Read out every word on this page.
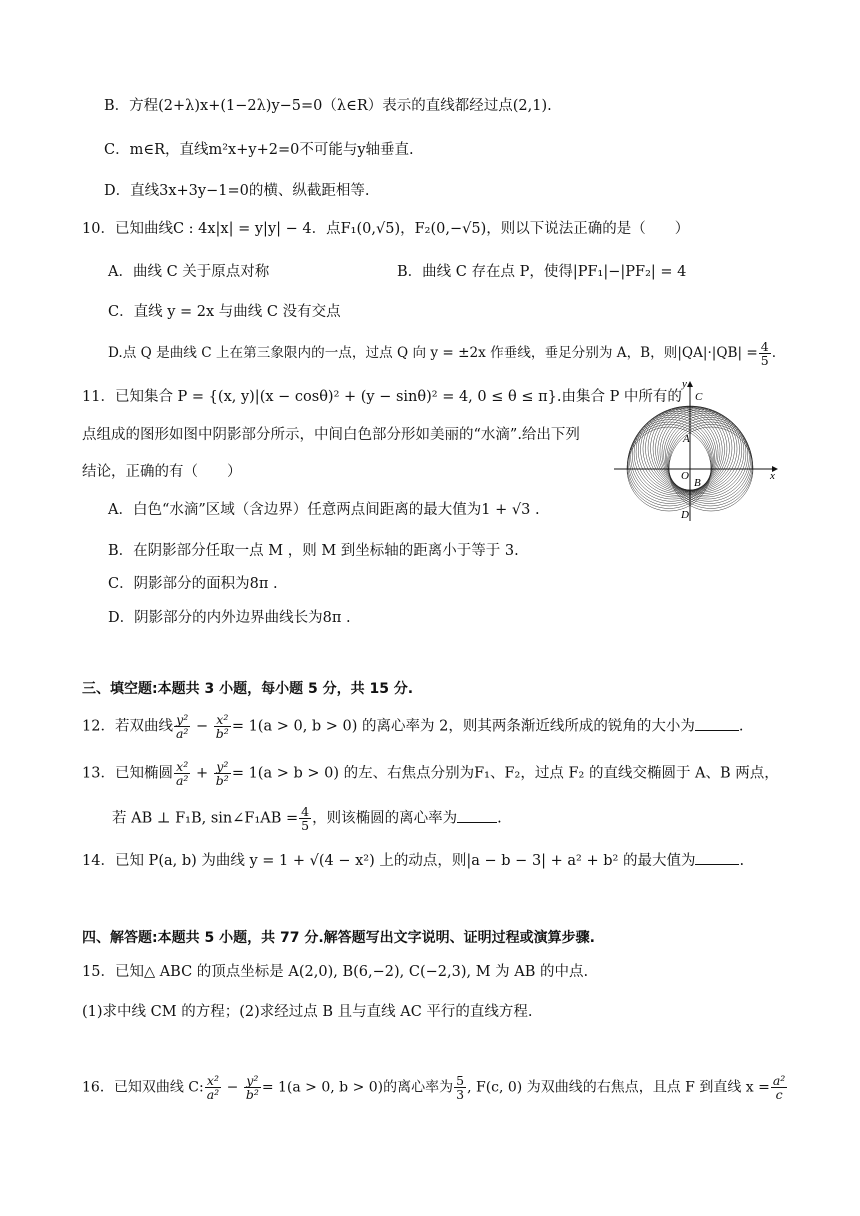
B．方程(2+λ)x+(1−2λ)y−5=0（λ∈R）表示的直线都经过点(2,1).
C．m∈R，直线m²x+y+2=0不可能与y轴垂直.
D．直线3x+3y−1=0的横、纵截距相等.
10．已知曲线C : 4x|x| = y|y| − 4．点F₁(0,√5)，F₂(0,−√5)，则以下说法正确的是（　　）
A．曲线 C 关于原点对称	B．曲线 C 存在点 P，使得|PF₁|−|PF₂| = 4
C．直线 y = 2x 与曲线 C 没有交点
D.点 Q 是曲线 C 上在第三象限内的一点，过点 Q 向 y = ±2x 作垂线，垂足分别为 A，B，则$|QA|\cdot|QB| = \frac{4}{5}$ .
11．已知集合 P = {(x, y)|(x − cosθ)² + (y − sinθ)² = 4, 0 ≤ θ ≤ π}.由集合 P 中所有的
点组成的图形如图中阴影部分所示，中间白色部分形如美丽的“水滴”.给出下列
结论，正确的有（　　）
A．白色“水滴”区域（含边界）任意两点间距离的最大值为1 + √3 .
B．在阴影部分任取一点 M ，则 M 到坐标轴的距离小于等于 3.
C．阴影部分的面积为8π .
D．阴影部分的内外边界曲线长为8π .
y
x
C
A
O
B
D
三、填空题:本题共 3 小题，每小题 5 分，共 15 分.
12．若双曲线 $\frac{\text{y²}}{\text{a²}} - \frac{\text{x²}}{\text{b²}} = 1(a > 0$, b > 0) 的离心率为 2，则其两条渐近线所成的锐角的大小为	.
13．已知椭圆 $\frac{\text{x²}}{\text{a²}} + \frac{\text{y²}}{\text{b²}} = 1(a > b > 0)$ 的左、右焦点分别为F₁、F₂，过点 F₂ 的直线交椭圆于 A、B 两点，
若 AB ⊥ F₁B, sin∠F₁AB = $\frac{4}{5}$ ，则该椭圆的离心率为	.
14．已知 P(a, b) 为曲线 y = 1 + √(4 − x²) 上的动点，则|a − b − 3| + a² + b² 的最大值为	.
四、解答题:本题共 5 小题，共 77 分.解答题写出文字说明、证明过程或演算步骤.
15．已知△ ABC 的顶点坐标是 A(2,0), B(6,−2), C(−2,3), M 为 AB 的中点.
(1)求中线 CM 的方程；(2)求经过点 B 且与直线 AC 平行的直线方程.
16．已知双曲线 C: $\frac{\text{x²}}{\text{a²}} - \frac{\text{y²}}{\text{b²}} = 1(a > 0$, b > 0)的离心率为 $\frac{5}{3}$ , F(c, 0) 为双曲线的右焦点，且点 F 到直线 $x = \frac{\text{a²}}{c}$
